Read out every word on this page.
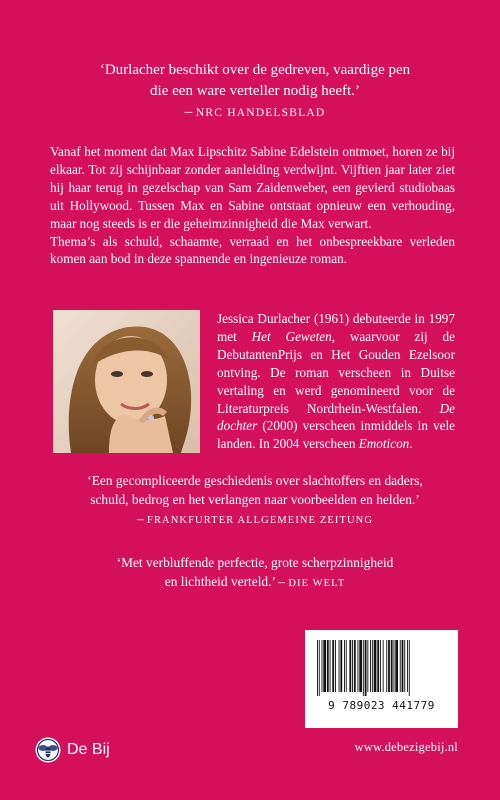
‘Durlacher beschikt over de gedreven, vaardige pen
die een ware verteller nodig heeft.’
– NRC HANDELSBLAD

Vanaf het moment dat Max Lipschitz Sabine Edelstein ontmoet, horen ze bij elkaar. Tot zij schijnbaar zonder aanleiding verdwijnt. Vijftien jaar later ziet hij haar terug in gezelschap van Sam Zaidenweber, een gevierd studiobaas uit Hollywood. Tussen Max en Sabine ontstaat opnieuw een verhouding, maar nog steeds is er die geheimzinnigheid die Max verwart.

Thema’s als schuld, schaamte, verraad en het onbespreekbare verleden komen aan bod in deze spannende en ingenieuze roman.

Jessica Durlacher (1961) debuteerde in 1997 met Het Geweten, waarvoor zij de DebutantenPrijs en Het Gouden Ezelsoor ontving. De roman verscheen in Duitse vertaling en werd genomineerd voor de Literaturpreis Nordrhein-Westfalen. De dochter (2000) verscheen inmiddels in vele landen. In 2004 verscheen Emoticon.

‘Een gecompliceerde geschiedenis over slachtoffers en daders,
schuld, bedrog en het verlangen naar voorbeelden en helden.’
– FRANKFURTER ALLGEMEINE ZEITUNG
‘Met verbluffende perfectie, grote scherpzinnigheid
en lichtheid verteld.’ – DIE WELT
9 789023 441779
De Bij	www.debezigebij.nl
